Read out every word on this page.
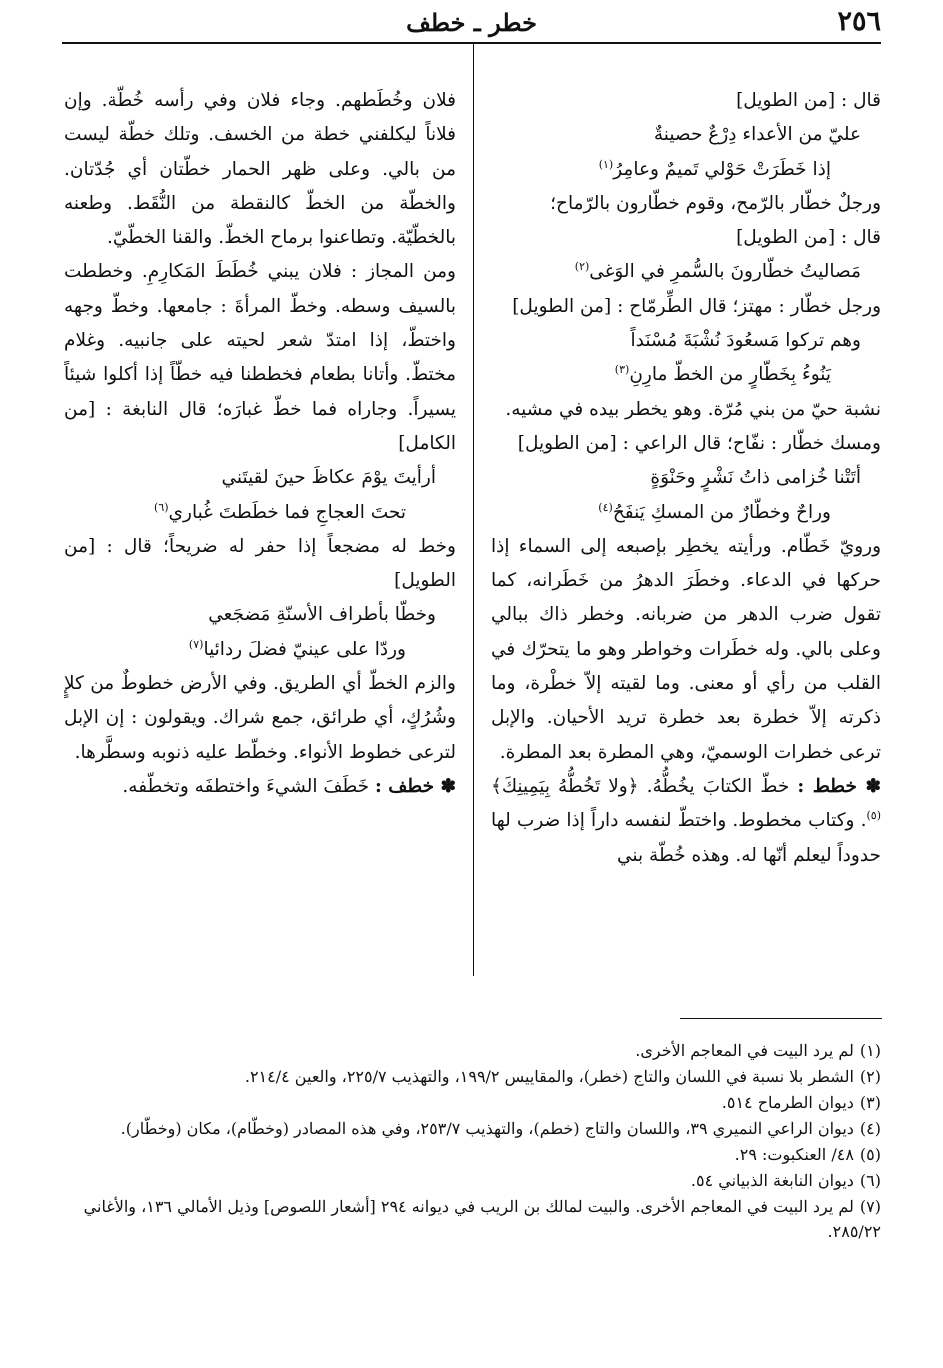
٢٥٦
خطر ـ خطف

قال : [من الطويل]

عليّ من الأعداء دِرْعٌ حصينةٌ

إذا خَطَرَتْ حَوْلي تَميمٌ وعامِرُ$^{(١)}$

ورجلٌ خطّار بالرّمح، وقوم خطّارون بالرّماح؛

قال : [من الطويل]

مَصاليتُ خطّارونَ بالسُّمرِ في الوَغى$^{(٢)}$

ورجل خطّار : مهتز؛ قال الطِّرمّاح : [من الطويل]

وهم تركوا مَسعُودَ نُشْبَةَ مُسْنَداً

يَنُوءُ بِخَطّارٍ من الخطّ مارِنِ$^{(٣)}$

نشبة حيّ من بني مُرّة. وهو يخطر بيده في مشيه.

ومسك خطّار : نفّاح؛ قال الراعي : [من الطويل]

أتَتْنا خُزامى ذاتُ نَشْرٍ وحَنْوَةٍ

وراحٌ وخطّارٌ من المسكِ يَنفَحُ$^{(٤)}$

ورويّ خَطّام. ورأيته يخطِر بإصبعه إلى السماء إذا حركها في الدعاء. وخطَرَ الدهرُ من خَطَرانه، كما تقول ضرب الدهر من ضربانه. وخطر ذاك ببالي وعلى بالي. وله خطَرات وخواطر وهو ما يتحرّك في القلب من رأي أو معنى. وما لقيته إلاّ خطْرة، وما ذكرته إلاّ خطرة بعد خطرة تريد الأحيان. والإبل ترعى خطرات الوسميّ، وهي المطرة بعد المطرة.

✽ خطط : خطّ الكتابَ يخُطُّهُ. ﴿ولا تَخُطُّهُ بِيَمِينِكَ﴾$^{(٥)}$. وكتاب مخطوط. واختطّ لنفسه داراً إذا ضرب لها حدوداً ليعلم أنّها له. وهذه خُطّة بني

فلان وخُطَطهم. وجاء فلان وفي رأسه خُطّة. وإن فلاناً ليكلفني خطة من الخسف. وتلك خطّة ليست من بالي. وعلى ظهر الحمار خطّتان أي جُدّتان. والخطّة من الخطّ كالنقطة من النُّقَط. وطعنه بالخطّيّة. وتطاعنوا برماح الخطّ. والقنا الخطّيّ.

ومن المجاز : فلان يبني خُطَطَ المَكارِمِ. وخططت بالسيف وسطه. وخطّ المرأةَ : جامعها. وخطّ وجهه واختطّ، إذا امتدّ شعر لحيته على جانبيه. وغلام مختطّ. وأتانا بطعام فخططنا فيه خطّاً إذا أكلوا شيئاً يسيراً. وجاراه فما خطّ غبارَه؛ قال النابغة : [من الكامل]

أرأيتَ يوْمَ عكاظَ حينَ لقيتَني

تحتَ العجاجِ فما خطَطتَ غُباري$^{(٦)}$

وخط له مضجعاً إذا حفر له ضريحاً؛ قال : [من الطويل]

وخطّا بأطراف الأسنّةِ مَضجَعي

وردّا على عينيّ فضلَ ردائيا$^{(٧)}$

والزم الخطّ أي الطريق. وفي الأرض خطوطٌ من كلإٍ وشُرُكٍ، أي طرائق، جمع شراك. ويقولون : إن الإبل لترعى خطوط الأنواء. وخطّط عليه ذنوبه وسطَّرها.

✽ خطف : خَطَفَ الشيءَ واختطفَه وتخطّفه.

(١)لم يرد البيت في المعاجم الأخرى.

(٢)الشطر بلا نسبة في اللسان والتاج (خطر)، والمقاييس ١٩٩/٢، والتهذيب ٢٢٥/٧، والعين ٢١٤/٤.

(٣)ديوان الطرماح ٥١٤.

(٤)ديوان الراعي النميري ٣٩، واللسان والتاج (خطم)، والتهذيب ٢٥٣/٧، وفي هذه المصادر (وخطّام)، مكان (وخطّار).

(٥)٤٨/ العنكبوت: ٢٩.

(٦)ديوان النابغة الذبياني ٥٤.

(٧)لم يرد البيت في المعاجم الأخرى. والبيت لمالك بن الريب في ديوانه ٢٩٤ [أشعار اللصوص] وذيل الأمالي ١٣٦، والأغاني ٢٨٥/٢٢.
